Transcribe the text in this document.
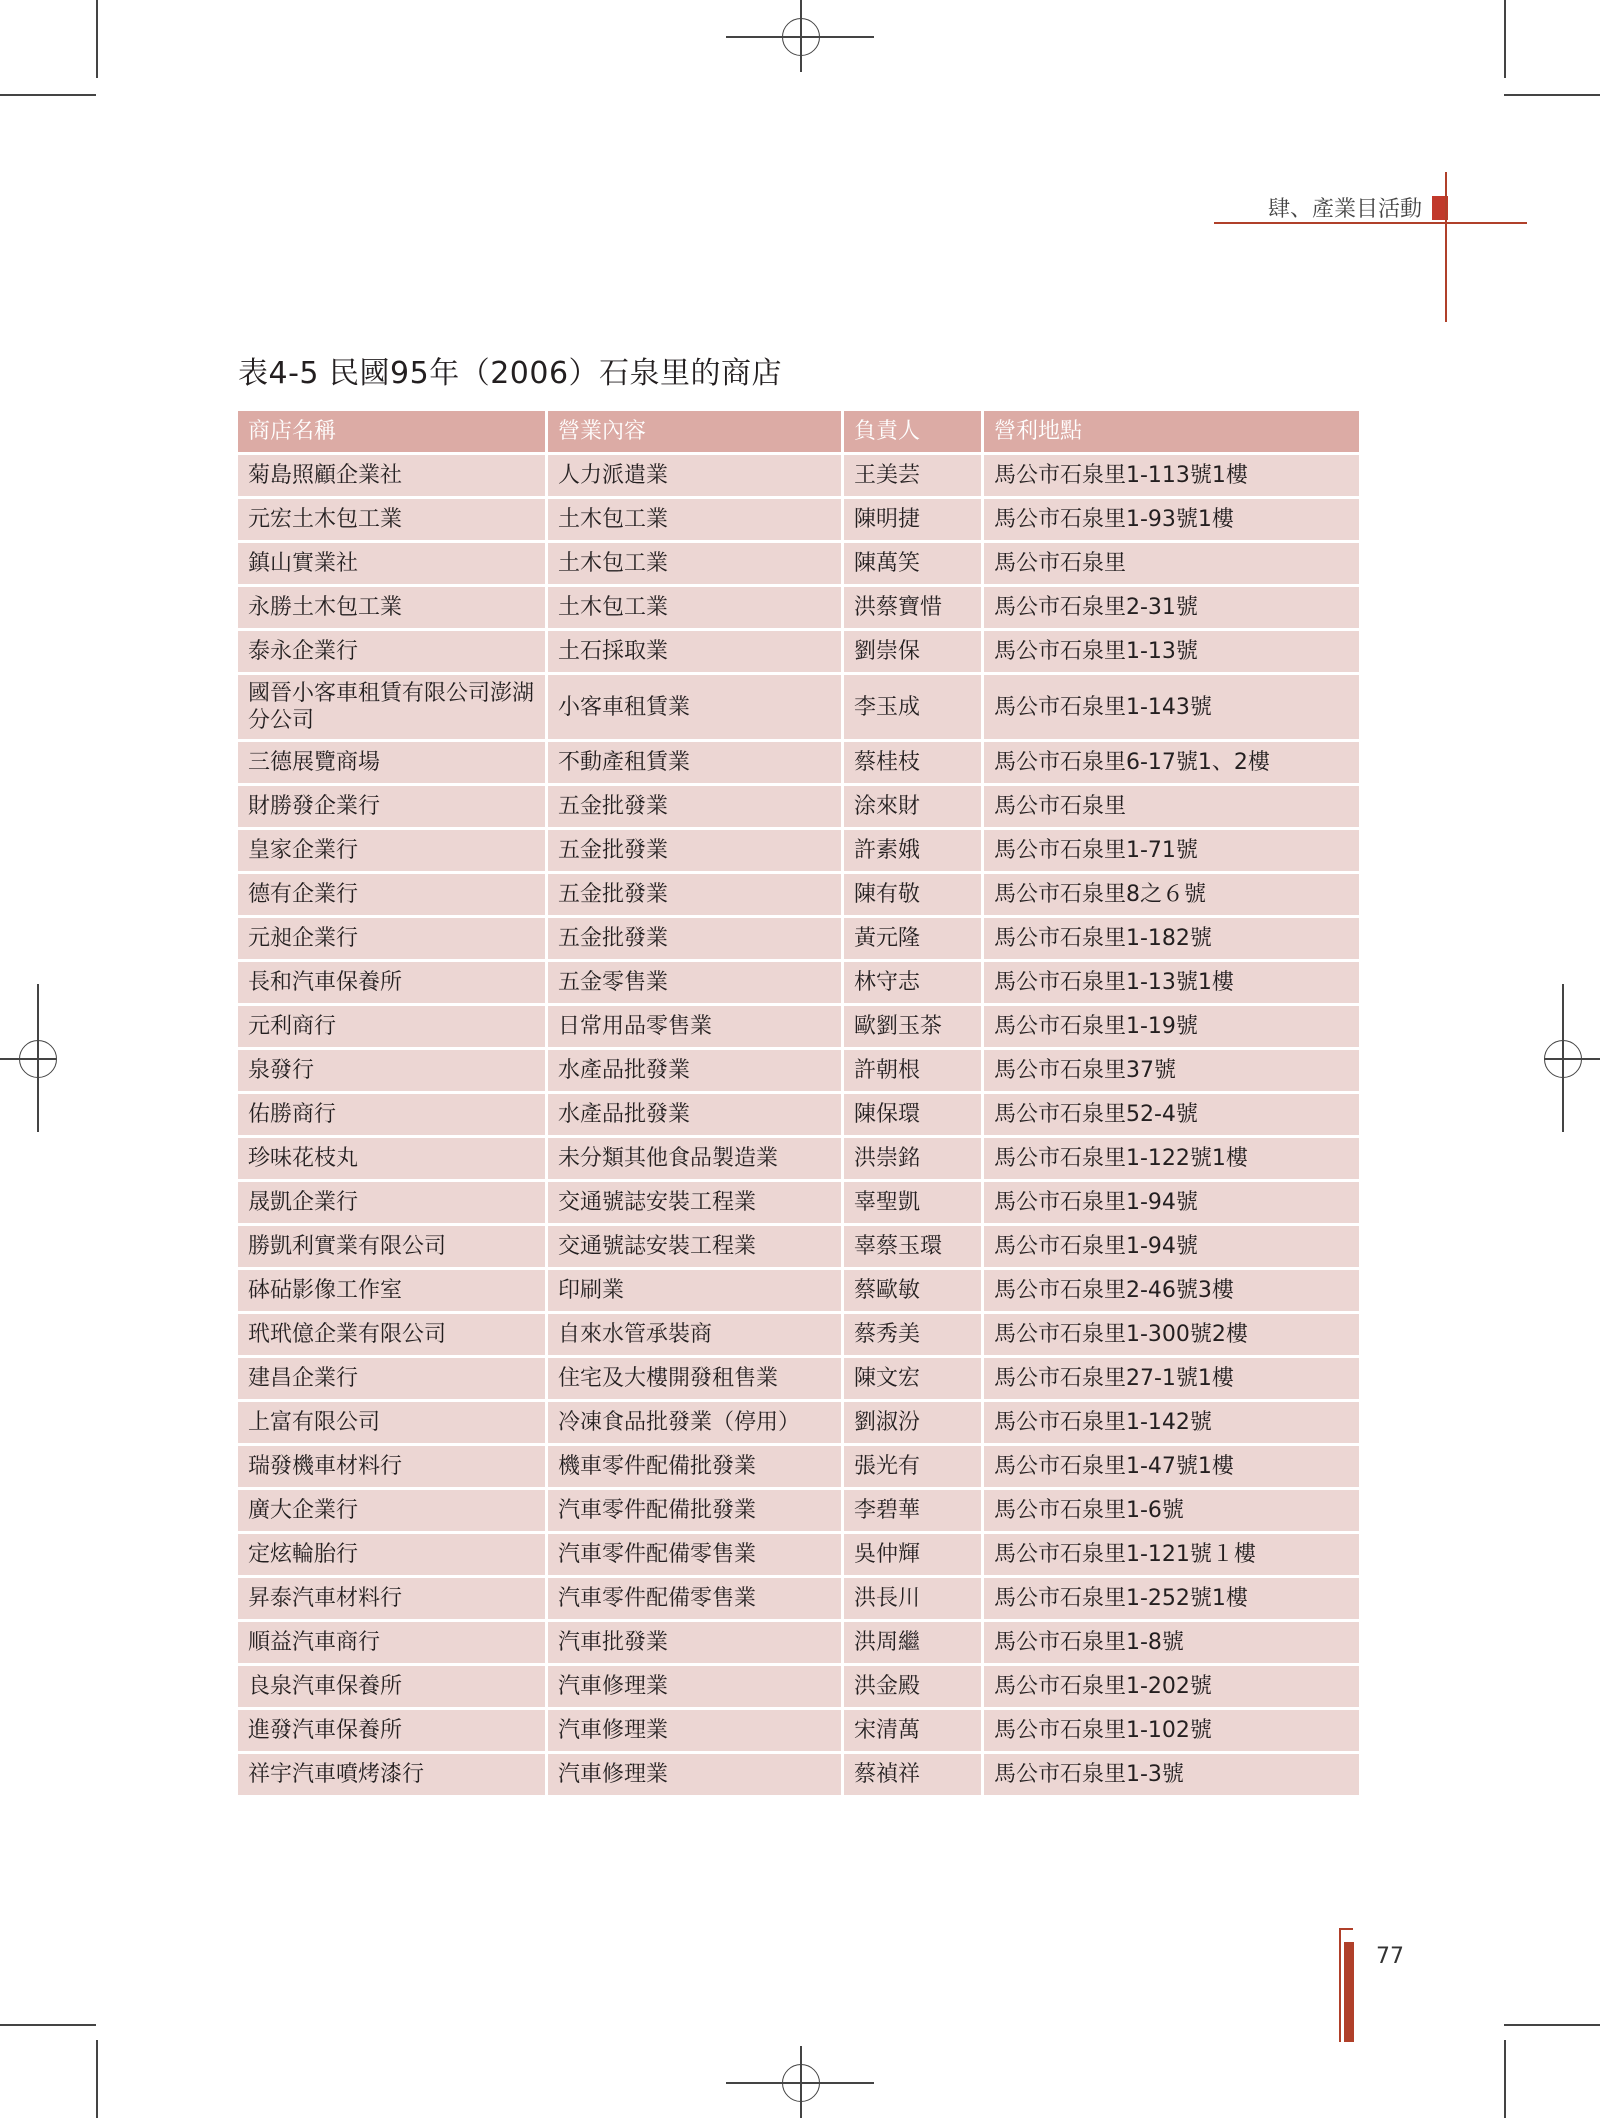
肆、產業目活動
表4-5 民國95年（2006）石泉里的商店
商店名稱	營業內容	負責人	營利地點
菊島照顧企業社	人力派遣業	王美芸	馬公市石泉里1-113號1樓
元宏土木包工業	土木包工業	陳明捷	馬公市石泉里1-93號1樓
鎮山實業社	土木包工業	陳萬笑	馬公市石泉里
永勝土木包工業	土木包工業	洪蔡寶惜	馬公市石泉里2-31號
泰永企業行	土石採取業	劉崇保	馬公市石泉里1-13號
國晉小客車租賃有限公司澎湖分公司	小客車租賃業	李玉成	馬公市石泉里1-143號
三德展覽商場	不動產租賃業	蔡桂枝	馬公市石泉里6-17號1、2樓
財勝發企業行	五金批發業	涂來財	馬公市石泉里
皇家企業行	五金批發業	許素娥	馬公市石泉里1-71號
德有企業行	五金批發業	陳有敬	馬公市石泉里8之６號
元昶企業行	五金批發業	黃元隆	馬公市石泉里1-182號
長和汽車保養所	五金零售業	林守志	馬公市石泉里1-13號1樓
元利商行	日常用品零售業	歐劉玉茶	馬公市石泉里1-19號
泉發行	水產品批發業	許朝根	馬公市石泉里37號
佑勝商行	水產品批發業	陳保環	馬公市石泉里52-4號
珍味花枝丸	未分類其他食品製造業	洪崇銘	馬公市石泉里1-122號1樓
晟凱企業行	交通號誌安裝工程業	辜聖凱	馬公市石泉里1-94號
勝凱利實業有限公司	交通號誌安裝工程業	辜蔡玉環	馬公市石泉里1-94號
砵砧影像工作室	印刷業	蔡歐敏	馬公市石泉里2-46號3樓
玳玳億企業有限公司	自來水管承裝商	蔡秀美	馬公市石泉里1-300號2樓
建昌企業行	住宅及大樓開發租售業	陳文宏	馬公市石泉里27-1號1樓
上富有限公司	冷凍食品批發業（停用）	劉淑汾	馬公市石泉里1-142號
瑞發機車材料行	機車零件配備批發業	張光有	馬公市石泉里1-47號1樓
廣大企業行	汽車零件配備批發業	李碧華	馬公市石泉里1-6號
定炫輪胎行	汽車零件配備零售業	吳仲輝	馬公市石泉里1-121號１樓
昇泰汽車材料行	汽車零件配備零售業	洪長川	馬公市石泉里1-252號1樓
順益汽車商行	汽車批發業	洪周繼	馬公市石泉里1-8號
良泉汽車保養所	汽車修理業	洪金殿	馬公市石泉里1-202號
進發汽車保養所	汽車修理業	宋清萬	馬公市石泉里1-102號
祥宇汽車噴烤漆行	汽車修理業	蔡禎祥	馬公市石泉里1-3號
77
